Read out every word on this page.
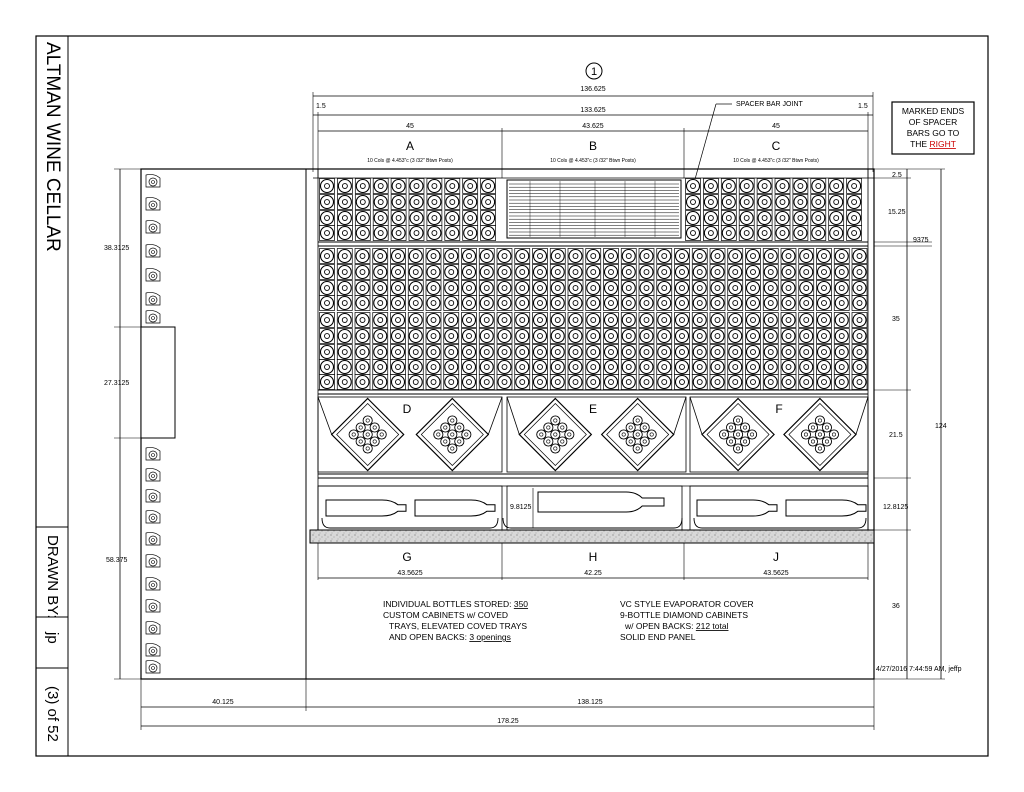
ALTMAN WINE CELLAR
DRAWN BY:
jp
(3) of 52
1
MARKED ENDS
OF SPACER
BARS GO TO
THE RIGHT
136.625
133.625
1.5	1.5
45	43.625	45
A	B	C
10 Cols @ 4.453"c (3 /32" Btwn Posts)	10 Cols @ 4.453"c (3 /32" Btwn Posts)	10 Cols @ 4.453"c (3 /32" Btwn Posts)
SPACER BAR JOINT
D	E	F
G	H	J
43.5625	42.25	43.5625
9.8125
38.3125
27.3125
58.375
2.5
15.25
9375
35
21.5
12.8125
36
124
40.125	138.125
178.25
INDIVIDUAL BOTTLES STORED: 350
CUSTOM CABINETS w/ COVED
TRAYS, ELEVATED COVED TRAYS
AND OPEN BACKS: 3 openings
VC STYLE EVAPORATOR COVER
9-BOTTLE DIAMOND CABINETS
w/ OPEN BACKS: 212 total
SOLID END PANEL
4/27/2016 7:44:59 AM, jeffp
